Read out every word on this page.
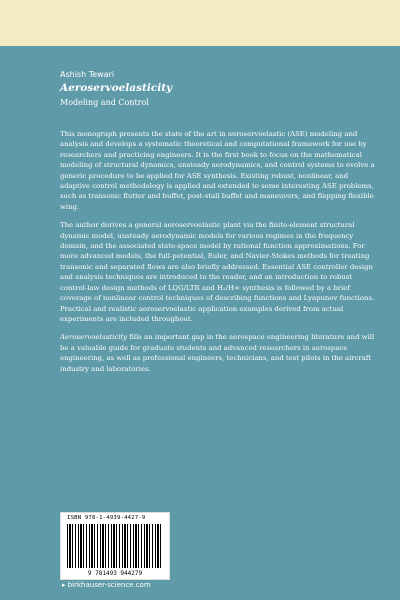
Ashish Tewari
Aeroservoelasticity
Modeling and Control

This monograph presents the state of the art in aeroservoelastic (ASE) modeling and analysis and develops a systematic theoretical and computational framework for use by researchers and practicing engineers. It is the first book to focus on the mathematical modeling of structural dynamics, unsteady aerodynamics, and control systems to evolve a generic procedure to be applied for ASE synthesis. Existing robust, nonlinear, and adaptive control methodology is applied and extended to some interesting ASE problems, such as transonic flutter and buffet, post-stall buffet and maneuvers, and flapping flexible wing.

The author derives a general aeroservoelastic plant via the finite-element structural dynamic model, unsteady aerodynamic models for various regimes in the frequency domain, and the associated state-space model by rational function approximations. For more advanced models, the full-potential, Euler, and Navier-Stokes methods for treating transonic and separated flows are also briefly addressed. Essential ASE controller design and analysis techniques are introduced to the reader, and an introduction to robust control-law design methods of LQG/LTR and H₂/H∞ synthesis is followed by a brief coverage of nonlinear control techniques of describing functions and Lyapunov functions. Practical and realistic aeroservoelastic application examples derived from actual experiments are included throughout.

Aeroservoelasticity fills an important gap in the aerospace engineering literature and will be a valuable guide for graduate students and advanced researchers in aerospace engineering, as well as professional engineers, technicians, and test pilots in the aircraft industry and laboratories.

ISBN 978-1-4939-4427-9
9 781493 944279
▸ birkhauser-science.com
